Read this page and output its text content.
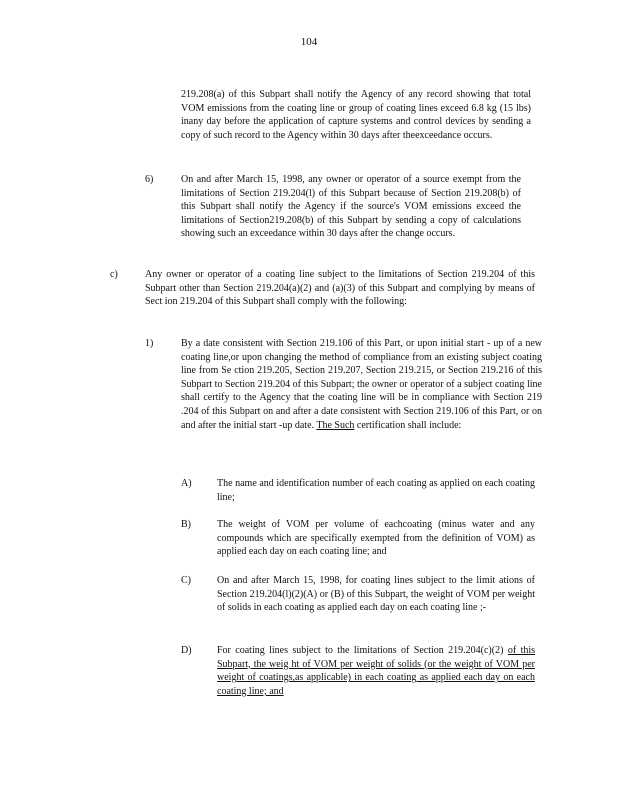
104

219.208(a) of this Subpart shall notify the Agency of any record showing that total VOM emissions from the coating line or group of coating lines exceed 6.8 kg (15 lbs) inany day before the application of capture systems and control devices by sending a copy of such record to the Agency within 30 days after theexceedance occurs.

6)	On and after March 15, 1998, any owner or operator of a source exempt from the limitations of Section 219.204(l) of this Subpart because of Section 219.208(b) of this Subpart shall notify the Agency if the source's VOM emissions exceed the limitations of Section219.208(b) of this Subpart by sending a copy of calculations showing such an exceedance within 30 days after the change occurs.

c)	Any owner or operator of a coating line subject to the limitations of Section 219.204 of this Subpart other than Section 219.204(a)(2) and (a)(3) of this Subpart and complying by means of Sect ion 219.204 of this Subpart shall comply with the following:

1)	By a date consistent with Section 219.106 of this Part, or upon initial start - up of a new coating line,or upon changing the method of compliance from an existing subject coating line from Se ction 219.205, Section 219.207, Section 219.215, or Section 219.216 of this Subpart to Section 219.204 of this Subpart; the owner or operator of a subject coating line shall certify to the Agency that the coating line will be in compliance with Section 219 .204 of this Subpart on and after a date consistent with Section 219.106 of this Part, or on and after the initial start -up date. The Such certification shall include:

A)	The name and identification number of each coating as applied on each coating line;

B)	The weight of VOM per volume of eachcoating (minus water and any compounds which are specifically exempted from the definition of VOM) as applied each day on each coating line; and

C)	On and after March 15, 1998, for coating lines subject to the limit ations of Section 219.204(l)(2)(A) or (B) of this Subpart, the weight of VOM per weight of solids in each coating as applied each day on each coating line ;-

D)	For coating lines subject to the limitations of Section 219.204(c)(2) of this Subpart, the weig ht of VOM per weight of solids (or the weight of VOM per weight of coatings,as applicable) in each coating as applied each day on each coating line; and
